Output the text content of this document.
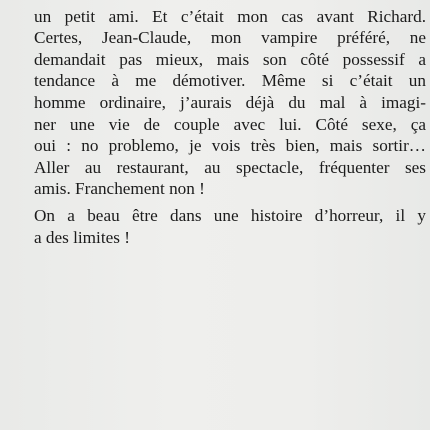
un petit ami. Et c’était mon cas avant Richard.
Certes, Jean-Claude, mon vampire préféré, ne
demandait pas mieux, mais son côté possessif a
tendance à me démotiver. Même si c’était un
homme ordinaire, j’aurais déjà du mal à imagi-
ner une vie de couple avec lui. Côté sexe, ça
oui : no problemo, je vois très bien, mais sortir…
Aller au restaurant, au spectacle, fréquenter ses
amis. Franchement non !
On a beau être dans une histoire d’horreur, il y
a des limites !
